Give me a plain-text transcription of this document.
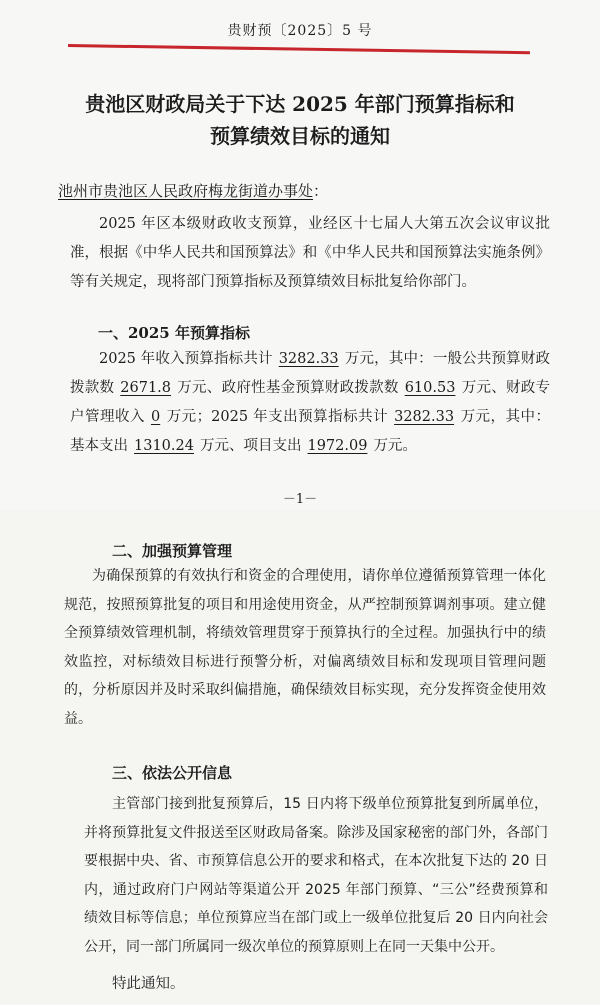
贵财预〔2025〕5 号
贵池区财政局关于下达 2025 年部门预算指标和
预算绩效目标的通知
池州市贵池区人民政府梅龙街道办事处：

2025 年区本级财政收支预算，业经区十七届人大第五次会议审议批准，根据《中华人民共和国预算法》和《中华人民共和国预算法实施条例》等有关规定，现将部门预算指标及预算绩效目标批复给你部门。

一、2025 年预算指标

2025 年收入预算指标共计 3282.33 万元，其中：一般公共预算财政拨款数 2671.8 万元、政府性基金预算财政拨款数 610.53 万元、财政专户管理收入 0 万元；2025 年支出预算指标共计 3282.33 万元，其中：基本支出 1310.24 万元、项目支出 1972.09 万元。

－1－
二、加强预算管理

为确保预算的有效执行和资金的合理使用，请你单位遵循预算管理一体化规范，按照预算批复的项目和用途使用资金，从严控制预算调剂事项。建立健全预算绩效管理机制，将绩效管理贯穿于预算执行的全过程。加强执行中的绩效监控，对标绩效目标进行预警分析，对偏离绩效目标和发现项目管理问题的，分析原因并及时采取纠偏措施，确保绩效目标实现，充分发挥资金使用效益。

三、依法公开信息

主管部门接到批复预算后，15 日内将下级单位预算批复到所属单位，并将预算批复文件报送至区财政局备案。除涉及国家秘密的部门外，各部门要根据中央、省、市预算信息公开的要求和格式，在本次批复下达的 20 日内，通过政府门户网站等渠道公开 2025 年部门预算、“三公”经费预算和绩效目标等信息；单位预算应当在部门或上一级单位批复后 20 日内向社会公开，同一部门所属同一级次单位的预算原则上在同一天集中公开。

特此通知。
